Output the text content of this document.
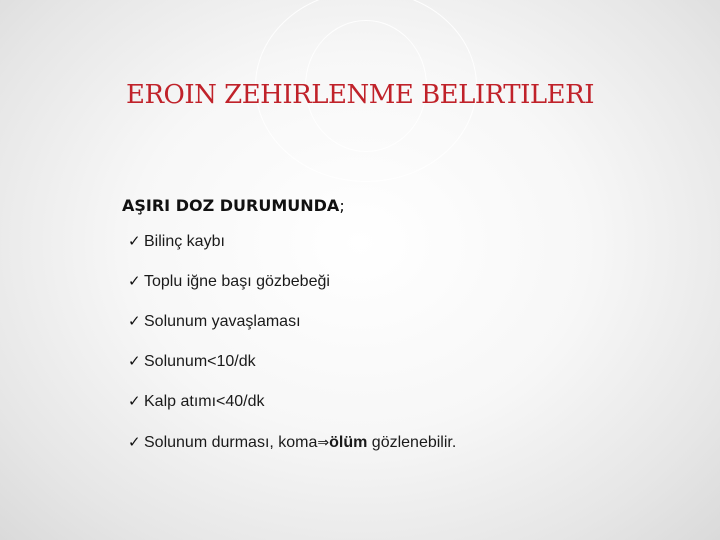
EROIN ZEHIRLENME BELIRTILERI
AŞIRI DOZ DURUMUNDA;
✓ Bilinç kaybı
✓ Toplu iğne başı gözbebeği
✓ Solunum yavaşlaması
✓ Solunum<10/dk
✓ Kalp atımı<40/dk
✓ Solunum durması, koma⇒ölüm gözlenebilir.
